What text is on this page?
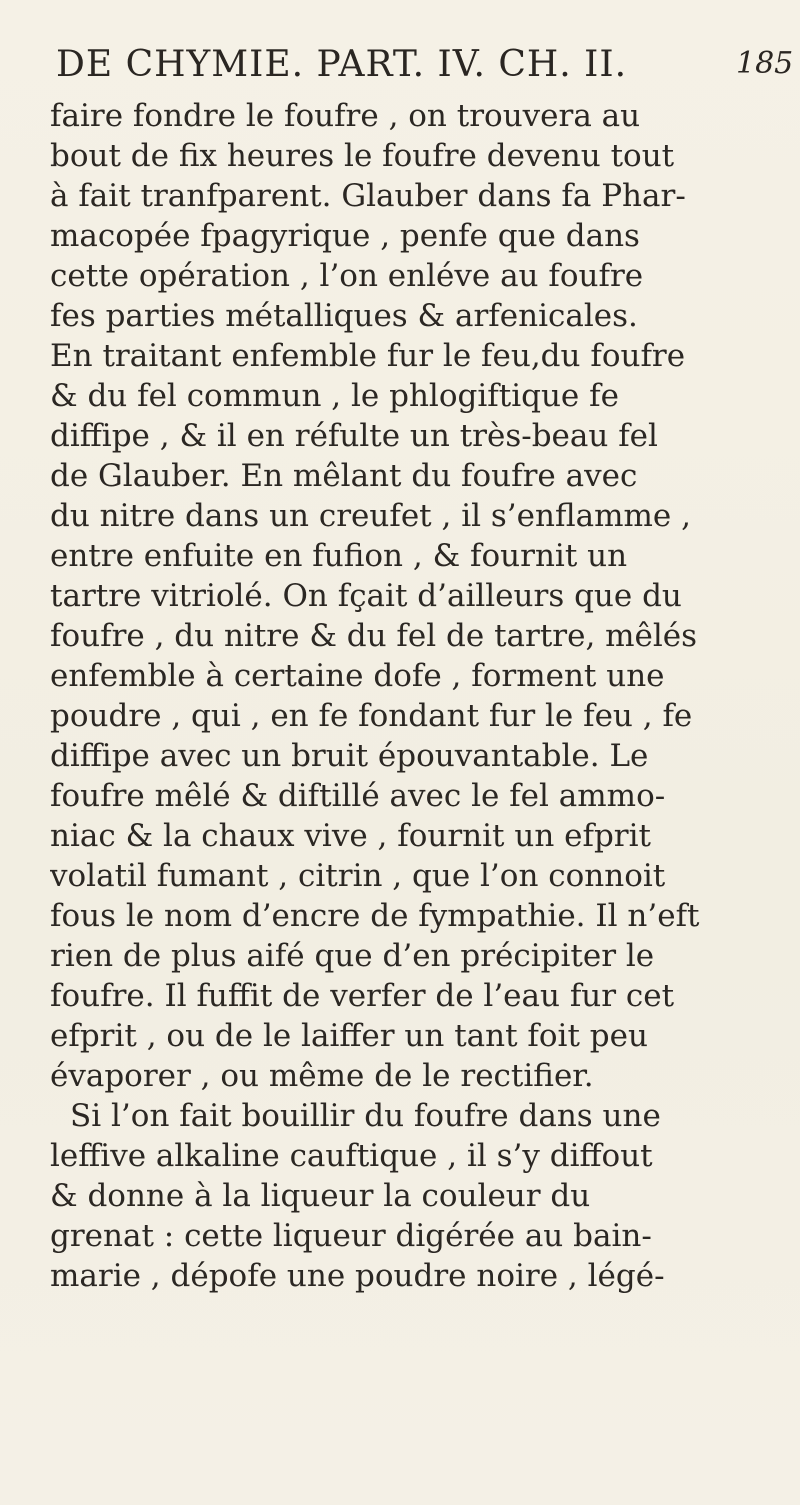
DE CHYMIE. PART. IV. CH. II.	185
faire fondre le foufre , on trouvera au
bout de fix heures le foufre devenu tout
à fait tranfparent. Glauber dans fa Phar-
macopée fpagyrique , penfe que dans
cette opération , l’on enléve au foufre
fes parties métalliques & arfenicales.
En traitant enfemble fur le feu,du foufre
& du fel commun , le phlogiftique fe
diffipe , & il en réfulte un très-beau fel
de Glauber. En mêlant du foufre avec
du nitre dans un creufet , il s’enflamme ,
entre enfuite en fufion , & fournit un
tartre vitriolé. On fçait d’ailleurs que du
foufre , du nitre & du fel de tartre, mêlés
enfemble à certaine dofe , forment une
poudre , qui , en fe fondant fur le feu , fe
diffipe avec un bruit épouvantable. Le
foufre mêlé & diftillé avec le fel ammo-
niac & la chaux vive , fournit un efprit
volatil fumant , citrin , que l’on connoit
fous le nom d’encre de fympathie. Il n’eft
rien de plus aifé que d’en précipiter le
foufre. Il fuffit de verfer de l’eau fur cet
efprit , ou de le laiffer un tant foit peu
évaporer , ou même de le rectifier.
Si l’on fait bouillir du foufre dans une
leffive alkaline cauftique , il s’y diffout
& donne à la liqueur la couleur du
grenat : cette liqueur digérée au bain-
marie , dépofe une poudre noire , légé-
